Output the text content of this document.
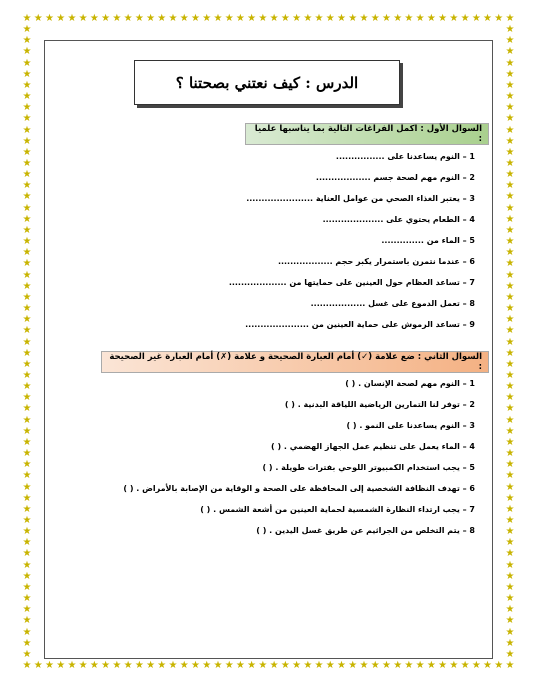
★
★
★
★
★
★
★
★
★
★
★
★
★
★
★
★
★
★
★
★
★
★
★
★
★
★
★
★
★
★
★
★
★
★
★
★
★
★
★
★
★
★
★
★
★
★
★
★
★
★
★
★
★
★
★
★
★
★
★
★
★
★
★
★
★
★
★
★
★
★
★
★
★
★
★
★
★
★
★
★
★
★
★
★
★
★
★
★
★	★
★	★
★	★
★	★
★	★
★	★
★	★
★	★
★	★
★	★
★	★
★	★
★	★
★	★
★	★
★	★
★	★
★	★
★	★
★	★
★	★
★	★
★	★
★	★
★	★
★	★
★	★
★	★
★	★
★	★
★	★
★	★
★	★
★	★
★	★
★	★
★	★
★	★
★	★
★	★
★	★
★	★
★	★
★	★
★	★
★	★
★	★
★	★
★	★
★	★
★	★
★	★
★	★
★	★
★	★
★	★
★	★
الدرس : كيف نعتني بصحتنا ؟
السوال الأول : اكمل الفراغات التالية بما يناسبها علميا :
1 – النوم يساعدنا على ................
2 – النوم مهم لصحة جسم ..................
3 – يعتبر الغذاء الصحي من عوامل العناية ......................
4 – الطعام يحتوي على ....................
5 – الماء من ..............
6 – عندما نتمرن باستمرار يكبر حجم ..................
7 – تساعد العظام حول العينين على حمايتها من ...................
8 – تعمل الدموع على غسل ..................
9 – تساعد الرموش على حماية العينين من .....................
السوال الثاني : ضع علامة (✓) أمام العبارة الصحيحة و علامة (✗) أمام العبارة غير الصحيحة :
1 – النوم مهم لصحة الإنسان . ( )
2 – توفر لنا التمارين الرياضية اللياقة البدنية . ( )
3 – النوم يساعدنا على النمو . ( )
4 – الماء يعمل على تنظيم عمل الجهاز الهضمي . ( )
5 – يجب استخدام الكمبيوتر اللوحي بفترات طويلة . ( )
6 – تهدف النظافة الشخصية إلى المحافظة على الصحة و الوقاية من الإصابة بالأمراض . ( )
7 – يجب ارتداء النظارة الشمسية لحماية العينين من أشعة الشمس . ( )
8 – يتم التخلص من الجراثيم عن طريق غسل اليدين . ( )
